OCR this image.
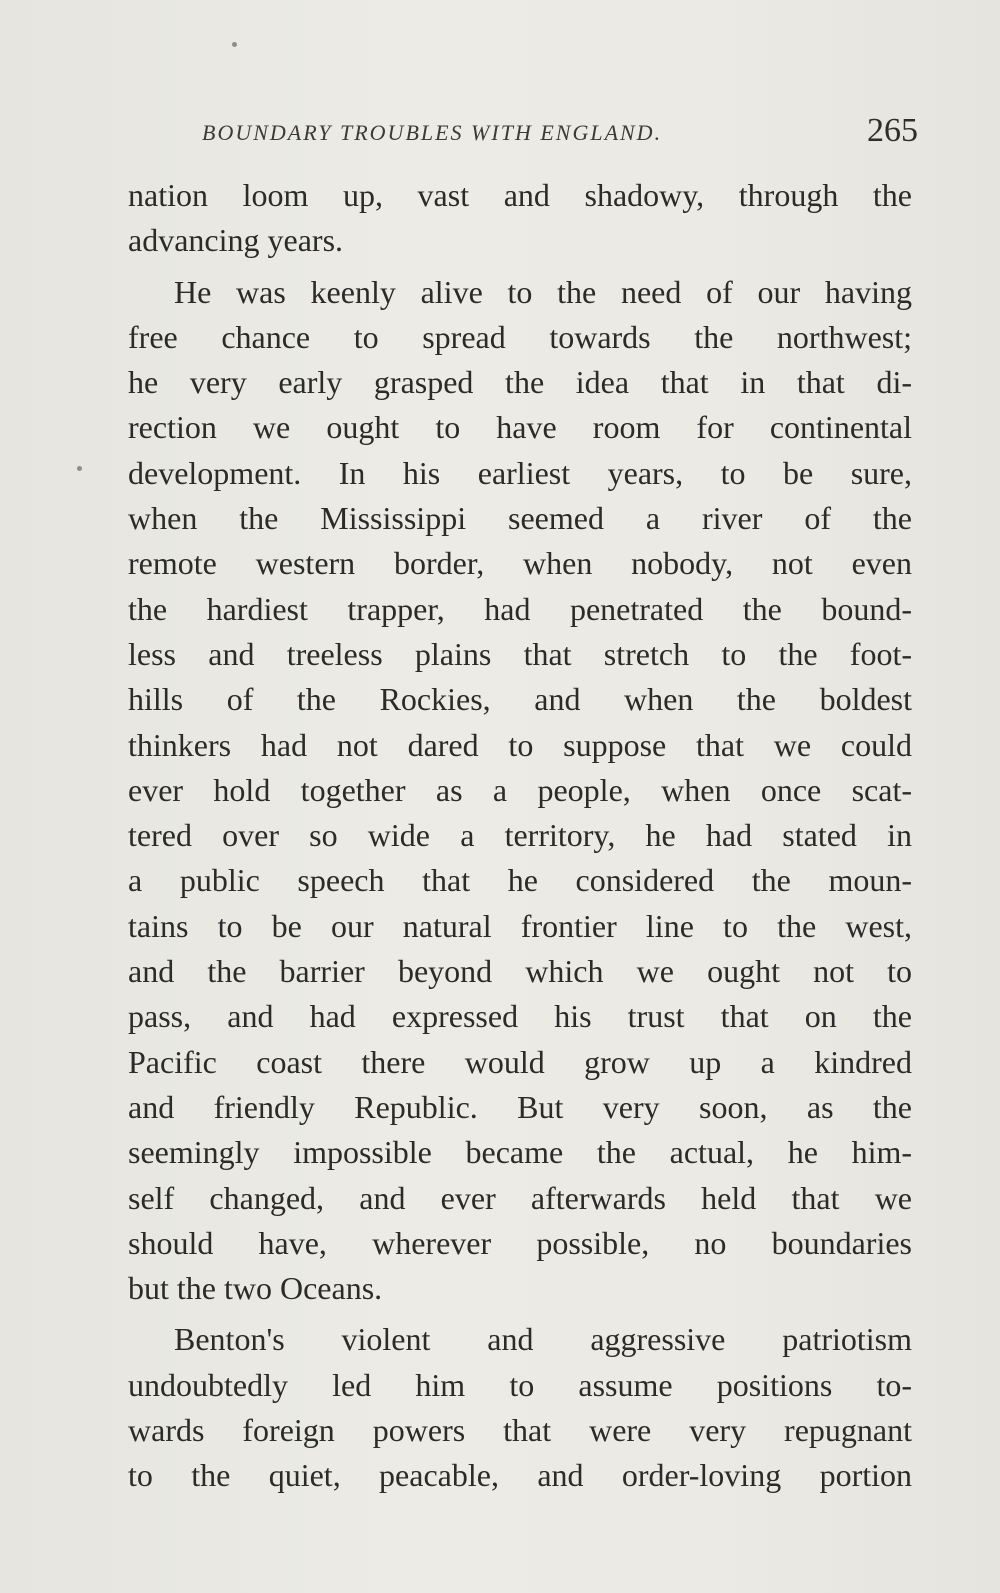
BOUNDARY TROUBLES WITH ENGLAND.	265
nation loom up, vast and shadowy, through the
advancing years.
He was keenly alive to the need of our having
free chance to spread towards the northwest;
he very early grasped the idea that in that di-
rection we ought to have room for continental
development. In his earliest years, to be sure,
when the Mississippi seemed a river of the
remote western border, when nobody, not even
the hardiest trapper, had penetrated the bound-
less and treeless plains that stretch to the foot-
hills of the Rockies, and when the boldest
thinkers had not dared to suppose that we could
ever hold together as a people, when once scat-
tered over so wide a territory, he had stated in
a public speech that he considered the moun-
tains to be our natural frontier line to the west,
and the barrier beyond which we ought not to
pass, and had expressed his trust that on the
Pacific coast there would grow up a kindred
and friendly Republic. But very soon, as the
seemingly impossible became the actual, he him-
self changed, and ever afterwards held that we
should have, wherever possible, no boundaries
but the two Oceans.
Benton's violent and aggressive patriotism
undoubtedly led him to assume positions to-
wards foreign powers that were very repugnant
to the quiet, peacable, and order-loving portion
